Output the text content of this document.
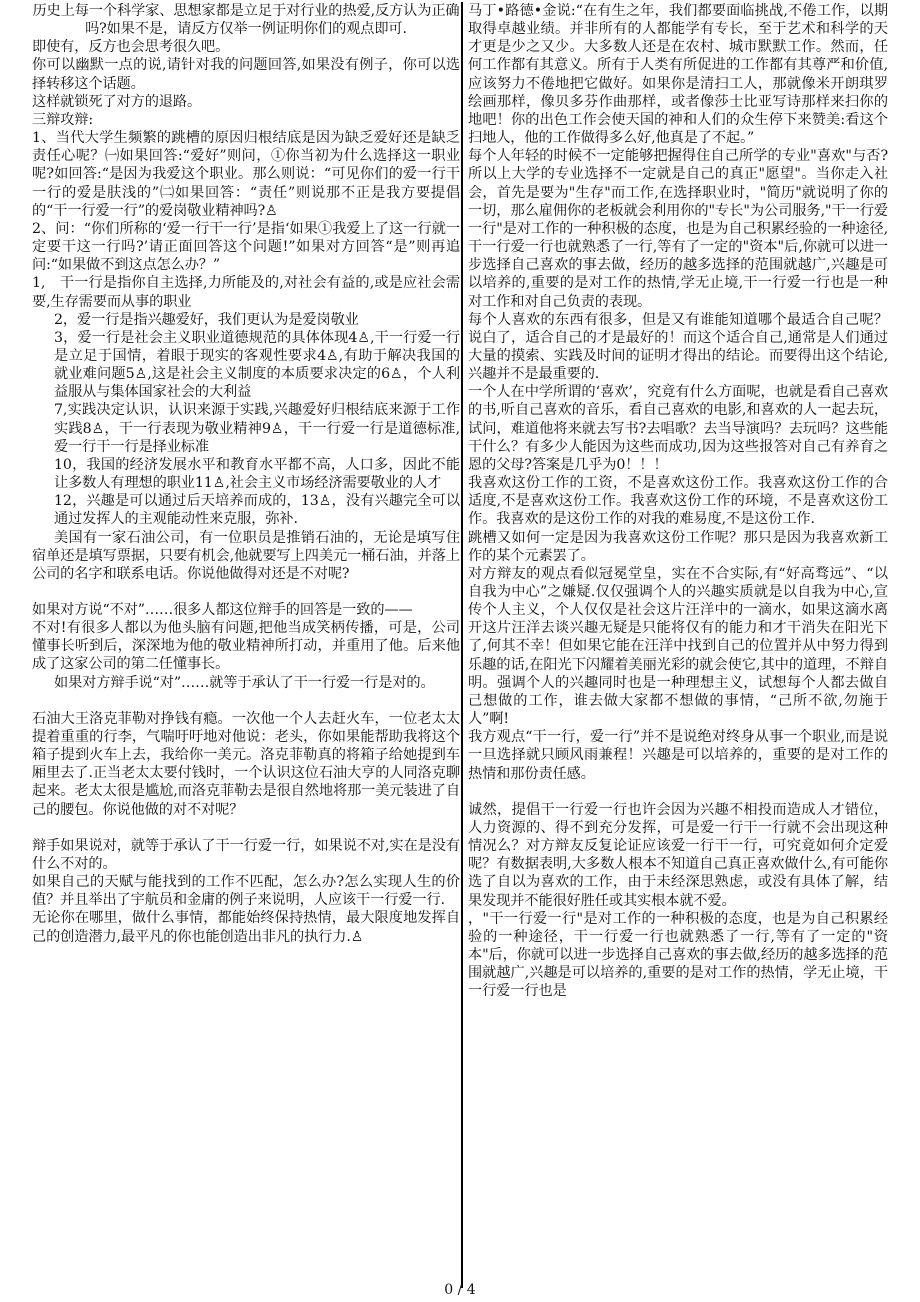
历史上每一个科学家、思想家都是立足于对行业的热爱,反方认为正确吗?如果不是，请反方仅举一例证明你们的观点即可.

即使有，反方也会思考很久吧。

你可以幽默一点的说,请针对我的问题回答,如果没有例子，你可以选择转移这个话题。

这样就锁死了对方的退路。

三辩攻辩:

1、当代大学生频繁的跳槽的原因归根结底是因为缺乏爱好还是缺乏责任心呢？㈠如果回答:“爱好”则问，①你当初为什么选择这一职业呢?如回答:“是因为我爱这个职业。那么则说：“可见你们的爱一行干一行的爱是肤浅的”㈡如果回答：“责任”则说那不正是我方要提倡的“干一行爱一行”的爱岗敬业精神吗?♙

2、问：“你们所称的‘爱一行干一行’是指‘如果①我爱上了这一行就一定要干这一行吗?’请正面回答这个问题!”如果对方回答“是”则再追问:“如果做不到这点怎么办？”

1,　干一行是指你自主选择,力所能及的,对社会有益的,或是应社会需要,生存需要而从事的职业

2，爱一行是指兴趣爱好，我们更认为是爱岗敬业

3，爱一行是社会主义职业道德规范的具体体现4♙,干一行爱一行是立足于国情，着眼于现实的客观性要求4♙,有助于解决我国的就业难问题5♙,这是社会主义制度的本质要求决定的6♙，个人利益服从与集体国家社会的大利益

7,实践决定认识，认识来源于实践,兴趣爱好归根结底来源于工作实践8♙，干一行表现为敬业精神9♙，干一行爱一行是道德标准,爱一行干一行是择业标准

10，我国的经济发展水平和教育水平都不高，人口多，因此不能让多数人有理想的职业11♙,社会主义市场经济需要敬业的人才

12，兴趣是可以通过后天培养而成的，13♙，没有兴趣完全可以通过发挥人的主观能动性来克服，弥补.

美国有一家石油公司，有一位职员是推销石油的，无论是填写住宿单还是填写票据，只要有机会,他就要写上四美元一桶石油，并落上公司的名字和联系电话。你说他做得对还是不对呢?

如果对方说“不对”……很多人都这位辩手的回答是一致的——

不对!有很多人都以为他头脑有问题,把他当成笑柄传播，可是，公司懂事长听到后，深深地为他的敬业精神所打动，并重用了他。后来他成了这家公司的第二任懂事长。

如果对方辩手说“对”……就等于承认了干一行爱一行是对的。

石油大王洛克菲勒对挣钱有瘾。一次他一个人去赶火车，一位老太太提着重重的行李，气喘吁吁地对他说：老头，你如果能帮助我将这个箱子提到火车上去，我给你一美元。洛克菲勒真的将箱子给她提到车厢里去了.正当老太太要付钱时，一个认识这位石油大亨的人同洛克聊起来。老太太很是尴尬,而洛克菲勒去是很自然地将那一美元装进了自己的腰包。你说他做的对不对呢？

辩手如果说对，就等于承认了干一行爱一行，如果说不对,实在是没有什么不对的。

如果自己的天赋与能找到的工作不匹配，怎么办?怎么实现人生的价值？并且举出了宇航员和金庸的例子来说明，人应该干一行爱一行.

无论你在哪里，做什么事情，都能始终保持热情，最大限度地发挥自己的创造潜力,最平凡的你也能创造出非凡的执行力.♙

马丁•路德•金说:“在有生之年，我们都要面临挑战,不倦工作，以期取得卓越业绩。并非所有的人都能学有专长，至于艺术和科学的天才更是少之又少。大多数人还是在农村、城市默默工作。然而，任何工作都有其意义。所有于人类有所促进的工作都有其尊严和价值,应该努力不倦地把它做好。如果你是清扫工人，那就像米开朗琪罗绘画那样，像贝多芬作曲那样，或者像莎士比亚写诗那样来扫你的地吧！你的出色工作会使天国的神和人们的众生停下来赞美:看这个扫地人，他的工作做得多么好,他真是了不起。”

每个人年轻的时候不一定能够把握得住自己所学的专业"喜欢"与否?所以上大学的专业选择不一定就是自己的真正"愿望"。当你走入社会，首先是要为"生存"而工作,在选择职业时，"简历"就说明了你的一切，那么雇佣你的老板就会利用你的"专长"为公司服务,"干一行爱一行"是对工作的一种积极的态度，也是为自己积累经验的一种途径,干一行爱一行也就熟悉了一行,等有了一定的"资本"后,你就可以进一步选择自己喜欢的事去做，经历的越多选择的范围就越广,兴趣是可以培养的,重要的是对工作的热情,学无止境,干一行爱一行也是一种对工作和对自己负责的表现。

每个人喜欢的东西有很多，但是又有谁能知道哪个最适合自己呢？说白了，适合自己的才是最好的！而这个适合自己,通常是人们通过大量的摸索、实践及时间的证明才得出的结论。而要得出这个结论,兴趣并不是最重要的.

一个人在中学所谓的‘喜欢’，究竟有什么方面呢，也就是看自己喜欢的书,听自己喜欢的音乐，看自己喜欢的电影,和喜欢的人一起去玩，试问，难道他将来就去写书?去唱歌？去当导演吗？去玩吗？这些能干什么？有多少人能因为这些而成功,因为这些报答对自己有养育之恩的父母?答案是几乎为0！！！

我喜欢这份工作的工资，不是喜欢这份工作。我喜欢这份工作的合适度,不是喜欢这份工作。我喜欢这份工作的环境，不是喜欢这份工作。我喜欢的是这份工作的对我的难易度,不是这份工作.

跳槽又如何一定是因为我喜欢这份工作呢？那只是因为我喜欢新工作的某个元素罢了。

对方辩友的观点看似冠冕堂皇，实在不合实际,有“好高骛远”、“以自我为中心”之嫌疑.仅仅强调个人的兴趣实质就是以自我为中心,宣传个人主义，个人仅仅是社会这片汪洋中的一滴水，如果这滴水离开这片汪洋去谈兴趣无疑是只能将仅有的能力和才干消失在阳光下了,何其不幸！但如果它能在汪洋中找到自己的位置并从中努力得到乐趣的话,在阳光下闪耀着美丽光彩的就会使它,其中的道理，不辩自明。强调个人的兴趣同时也是一种理想主义，试想每个人都去做自己想做的工作，谁去做大家都不想做的事情，“己所不欲,勿施于人”啊!

我方观点“干一行，爱一行”并不是说绝对终身从事一个职业,而是说一旦选择就只顾风雨兼程！兴趣是可以培养的，重要的是对工作的热情和那份责任感。

诚然，提倡干一行爱一行也许会因为兴趣不相投而造成人才错位，人力资源的、得不到充分发挥，可是爱一行干一行就不会出现这种情况么？对方辩友反复论证应该爱一行干一行，可究竟如何介定爱呢？有数据表明,大多数人根本不知道自己真正喜欢做什么,有可能你选了自以为喜欢的工作，由于未经深思熟虑，或没有具体了解，结果发现并不能很好胜任或其实根本就不爱。

，"干一行爱一行"是对工作的一种积极的态度，也是为自己积累经验的一种途径，干一行爱一行也就熟悉了一行,等有了一定的"资本"后，你就可以进一步选择自己喜欢的事去做,经历的越多选择的范围就越广,兴趣是可以培养的,重要的是对工作的热情，学无止境，干一行爱一行也是

0 / 4
